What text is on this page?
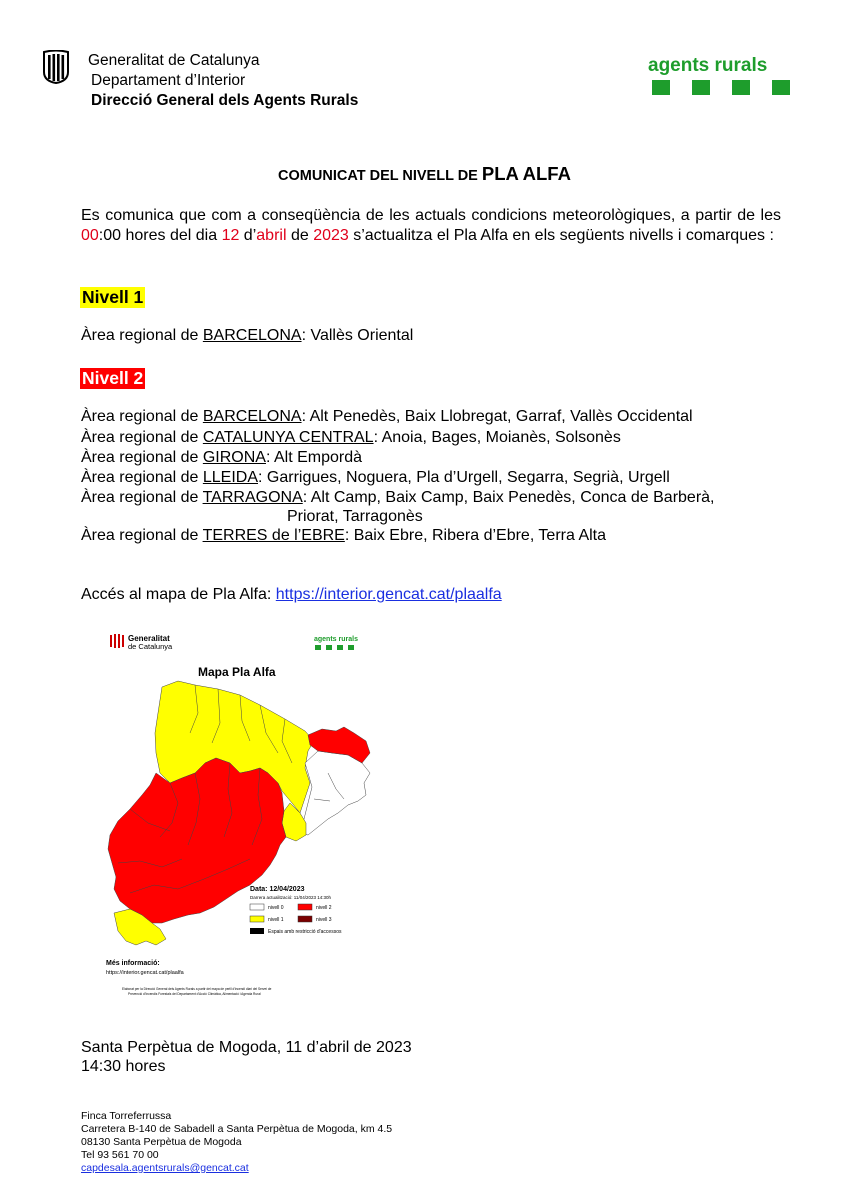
Generalitat de Catalunya
Departament d’Interior
Direcció General dels Agents Rurals
agents rurals
COMUNICAT DEL NIVELL DE PLA ALFA
Es comunica que com a conseqüència de les actuals condicions meteorològiques, a partir de les 00:00 hores del dia 12 d’abril de 2023 s’actualitza el Pla Alfa en els següents nivells i comarques :
Nivell 1
Àrea regional de BARCELONA: Vallès Oriental
Nivell 2
Àrea regional de BARCELONA: Alt Penedès, Baix Llobregat, Garraf, Vallès Occidental
Àrea regional de CATALUNYA CENTRAL: Anoia, Bages, Moianès, Solsonès
Àrea regional de GIRONA: Alt Empordà
Àrea regional de LLEIDA: Garrigues, Noguera, Pla d’Urgell, Segarra, Segrià, Urgell
Àrea regional de TARRAGONA: Alt Camp, Baix Camp, Baix Penedès, Conca de Barberà,
Priorat, Tarragonès
Àrea regional de TERRES de l’EBRE: Baix Ebre, Ribera d’Ebre, Terra Alta
Accés al mapa de Pla Alfa: https://interior.gencat.cat/plaalfa
Generalitat
de Catalunya
agents rurals
Mapa Pla Alfa
Data: 12/04/2023
Darrera actualització: 11/04/2023 14:30h
nivell 0	nivell 2
nivell 1	nivell 3
Espais amb restricció d'accessos
Més informació:
https://interior.gencat.cat/plaalfa
Elaborat per la Direcció General dels Agents Rurals a partir del mapa de perill d'incendi diari del Servei de
Prevenció d'Incendis Forestals del Departament d'Acció Climàtica, Alimentació i Agenda Rural
Santa Perpètua de Mogoda, 11 d’abril de 2023
14:30 hores
Finca Torreferrussa
Carretera B-140 de Sabadell a Santa Perpètua de Mogoda, km 4.5
08130 Santa Perpètua de Mogoda
Tel 93 561 70 00
capdesala.agentsrurals@gencat.cat
